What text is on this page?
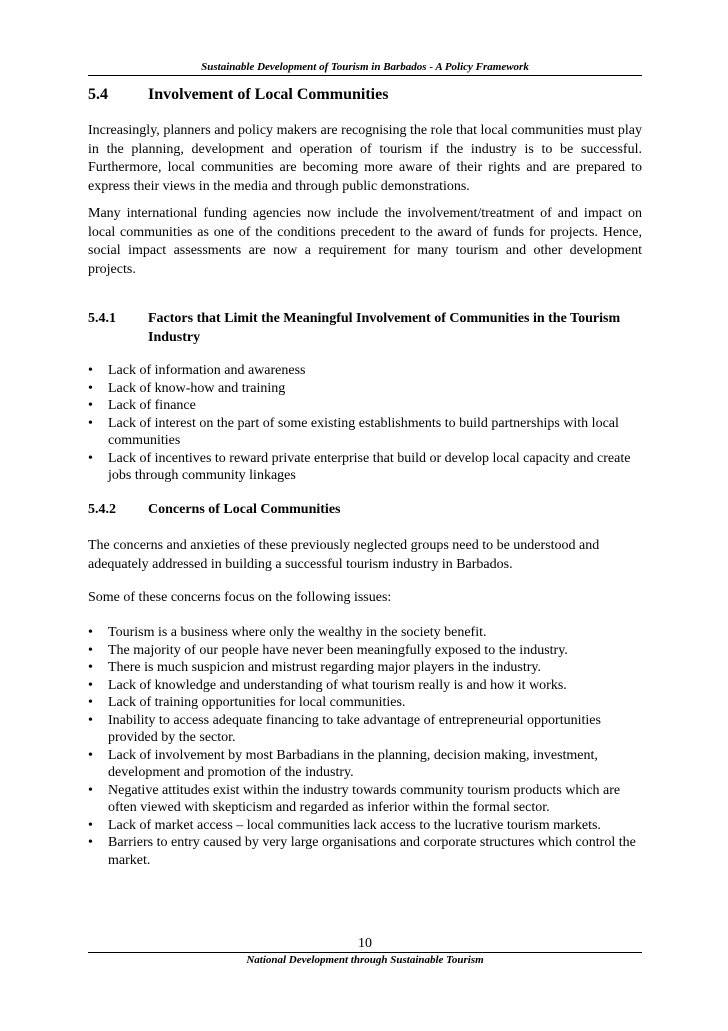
Sustainable Development of Tourism in Barbados - A Policy Framework
5.4	Involvement of Local Communities
Increasingly, planners and policy makers are recognising the role that local communities must play in the planning, development and operation of tourism if the industry is to be successful. Furthermore, local communities are becoming more aware of their rights and are prepared to express their views in the media and through public demonstrations.
Many international funding agencies now include the involvement/treatment of and impact on local communities as one of the conditions precedent to the award of funds for projects. Hence, social impact assessments are now a requirement for many tourism and other development projects.
5.4.1 Factors that Limit the Meaningful Involvement of Communities in the Tourism Industry
•	Lack of information and awareness
•	Lack of know-how and training
•	Lack of finance
•	Lack of interest on the part of some existing establishments to build partnerships with local communities
•	Lack of incentives to reward private enterprise that build or develop local capacity and create jobs through community linkages
5.4.2 Concerns of Local Communities
The concerns and anxieties of these previously neglected groups need to be understood and adequately addressed in building a successful tourism industry in Barbados.
Some of these concerns focus on the following issues:
•	Tourism is a business where only the wealthy in the society benefit.
•	The majority of our people have never been meaningfully exposed to the industry.
•	There is much suspicion and mistrust regarding major players in the industry.
•	Lack of knowledge and understanding of what tourism really is and how it works.
•	Lack of training opportunities for local communities.
•	Inability to access adequate financing to take advantage of entrepreneurial opportunities provided by the sector.
•	Lack of involvement by most Barbadians in the planning, decision making, investment, development and promotion of the industry.
•	Negative attitudes exist within the industry towards community tourism products which are often viewed with skepticism and regarded as inferior within the formal sector.
•	Lack of market access – local communities lack access to the lucrative tourism markets.
•	Barriers to entry caused by very large organisations and corporate structures which control the market.
10
National Development through Sustainable Tourism
